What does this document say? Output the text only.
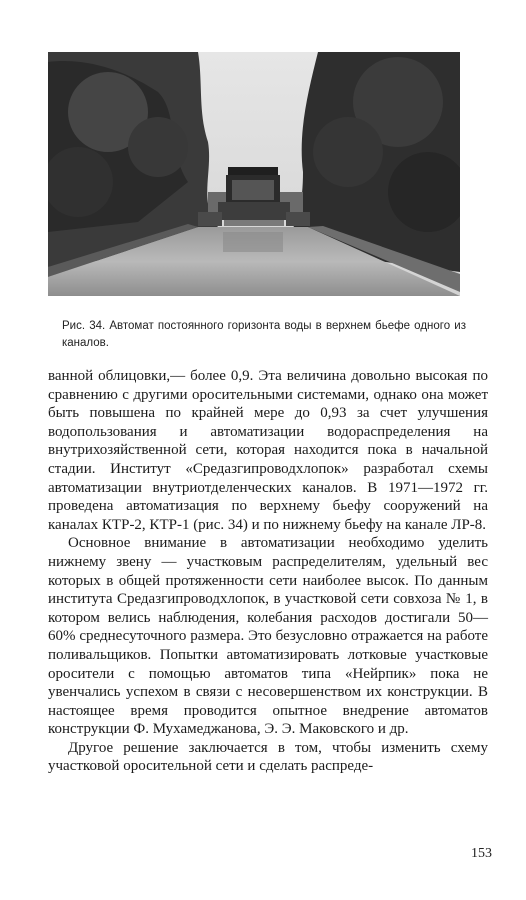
Рис. 34. Автомат постоянного горизонта воды в верхнем бьефе одного из каналов.

ванной облицовки,— более 0,9. Эта величина довольно высокая по сравнению с другими оросительными системами, однако она может быть повышена по крайней мере до 0,93 за счет улучшения водопользования и автоматизации водораспределения на внутрихозяйственной сети, которая находится пока в начальной стадии. Институт «Средазгипроводхлопок» разработал схемы автоматизации внутриотделенческих каналов. В 1971—1972 гг. проведена автоматизация по верхнему бьефу сооружений на каналах КТР-2, КТР-1 (рис. 34) и по нижнему бьефу на канале ЛР-8.

Основное внимание в автоматизации необходимо уделить нижнему звену — участковым распределителям, удельный вес которых в общей протяженности сети наиболее высок. По данным института Средазгипроводхлопок, в участковой сети совхоза № 1, в котором велись наблюдения, колебания расходов достигали 50—60% среднесуточного размера. Это безусловно отражается на работе поливальщиков. Попытки автоматизировать лотковые участковые оросители с помощью автоматов типа «Нейрпик» пока не увенчались успехом в связи с несовершенством их конструкции. В настоящее время проводится опытное внедрение автоматов конструкции Ф. Мухамеджанова, Э. Э. Маковского и др.

Другое решение заключается в том, чтобы изменить схему участковой оросительной сети и сделать распреде-

153
